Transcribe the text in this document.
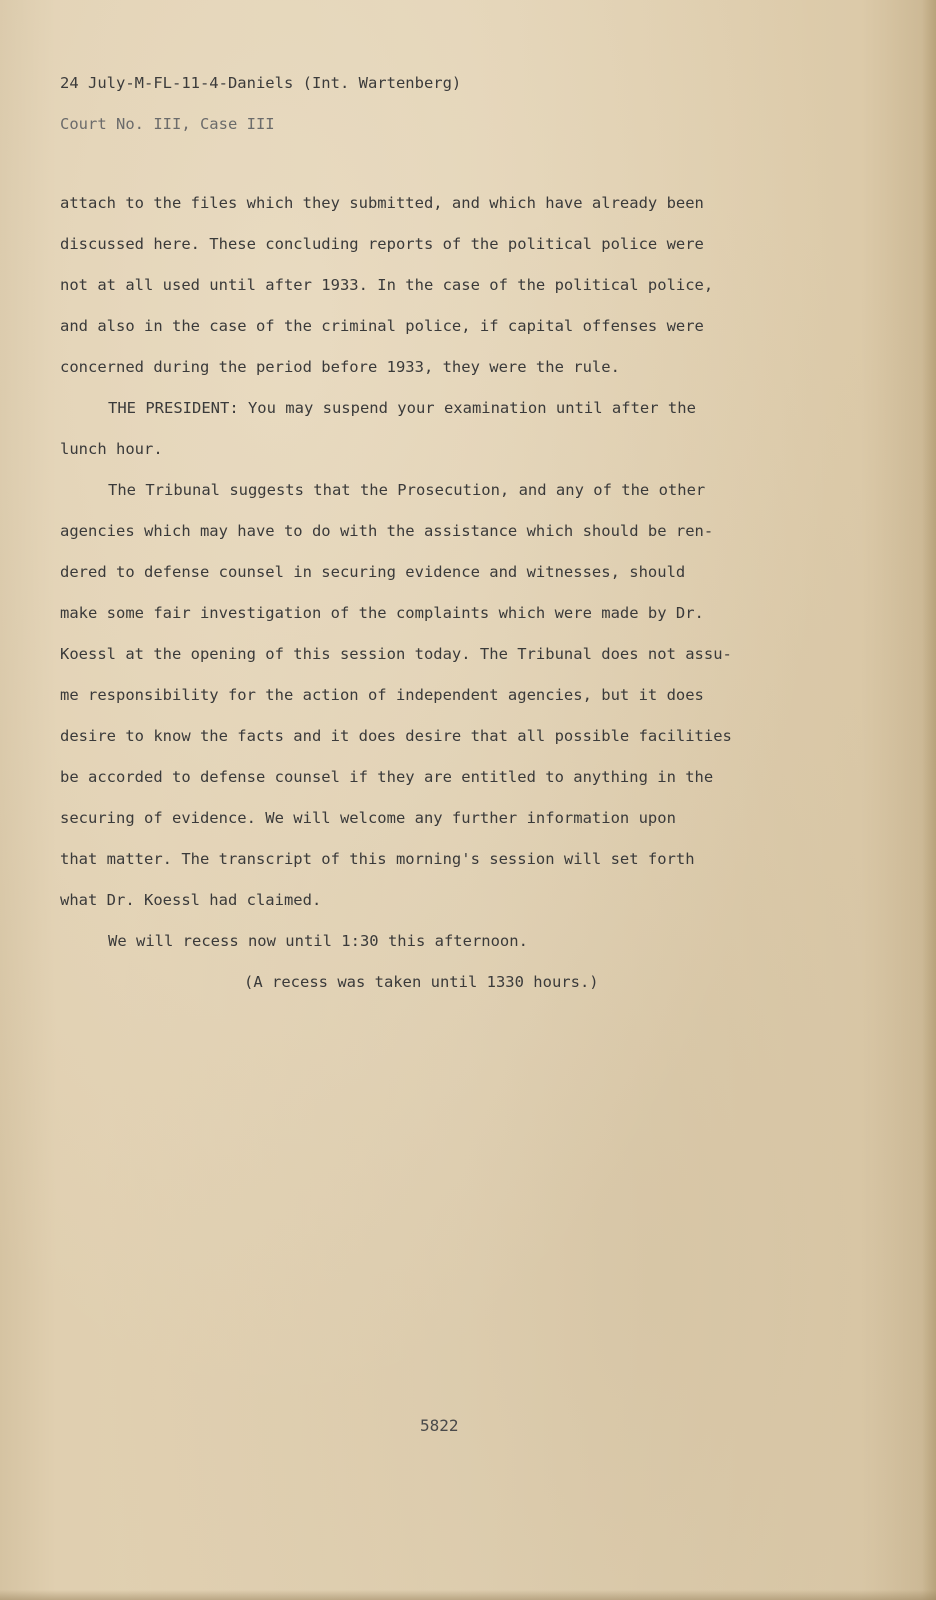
24 July-M-FL-11-4-Daniels (Int. Wartenberg)
Court No. III, Case III
attach to the files which they submitted, and which have already been
discussed here. These concluding reports of the political police were
not at all used until after 1933. In the case of the political police,
and also in the case of the criminal police, if capital offenses were
concerned during the period before 1933, they were the rule.
THE PRESIDENT: You may suspend your examination until after the
lunch hour.
The Tribunal suggests that the Prosecution, and any of the other
agencies which may have to do with the assistance which should be ren-
dered to defense counsel in securing evidence and witnesses, should
make some fair investigation of the complaints which were made by Dr.
Koessl at the opening of this session today. The Tribunal does not assu-
me responsibility for the action of independent agencies, but it does
desire to know the facts and it does desire that all possible facilities
be accorded to defense counsel if they are entitled to anything in the
securing of evidence. We will welcome any further information upon
that matter. The transcript of this morning's session will set forth
what Dr. Koessl had claimed.
We will recess now until 1:30 this afternoon.
(A recess was taken until 1330 hours.)
5822
